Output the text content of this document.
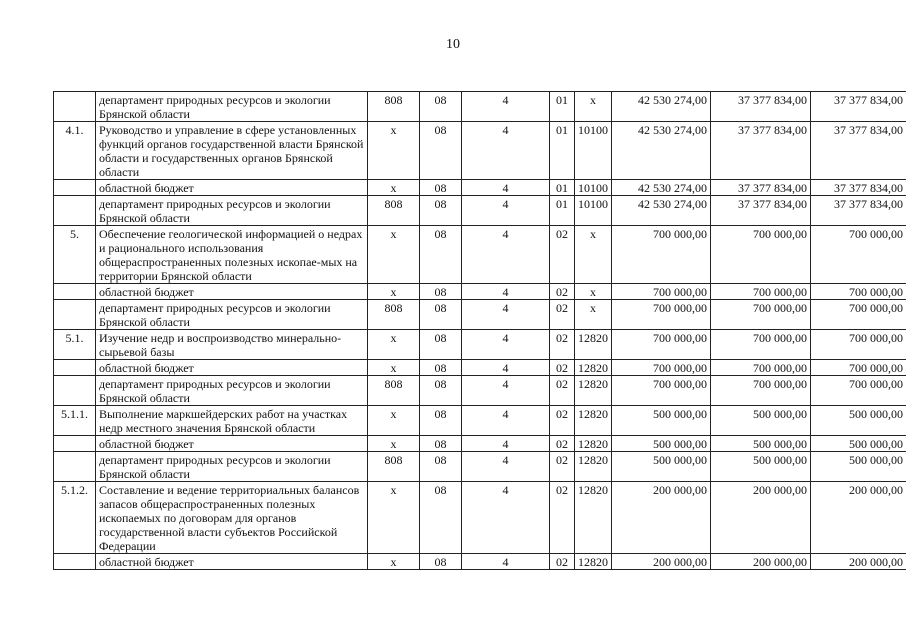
10
	департамент природных ресурсов и экологии Брянской области	808	08	4	01	x	42 530 274,00	37 377 834,00	37 377 834,00
4.1.	Руководство и управление в сфере установленных функций органов государственной власти Брянской области и государственных органов Брянской области	x	08	4	01	10100	42 530 274,00	37 377 834,00	37 377 834,00
	областной бюджет	x	08	4	01	10100	42 530 274,00	37 377 834,00	37 377 834,00
	департамент природных ресурсов и экологии Брянской области	808	08	4	01	10100	42 530 274,00	37 377 834,00	37 377 834,00
5.	Обеспечение геологической информацией о недрах и рационального использования общераспространенных полезных ископае-мых на территории Брянской области	x	08	4	02	x	700 000,00	700 000,00	700 000,00
	областной бюджет	x	08	4	02	x	700 000,00	700 000,00	700 000,00
	департамент природных ресурсов и экологии Брянской области	808	08	4	02	x	700 000,00	700 000,00	700 000,00
5.1.	Изучение недр и воспроизводство минерально-сырьевой базы	x	08	4	02	12820	700 000,00	700 000,00	700 000,00
	областной бюджет	x	08	4	02	12820	700 000,00	700 000,00	700 000,00
	департамент природных ресурсов и экологии Брянской области	808	08	4	02	12820	700 000,00	700 000,00	700 000,00
5.1.1.	Выполнение маркшейдерских работ на участках недр местного значения Брянской области	x	08	4	02	12820	500 000,00	500 000,00	500 000,00
	областной бюджет	x	08	4	02	12820	500 000,00	500 000,00	500 000,00
	департамент природных ресурсов и экологии Брянской области	808	08	4	02	12820	500 000,00	500 000,00	500 000,00
5.1.2.	Составление и ведение территориальных балансов запасов общераспространенных полезных ископаемых по договорам для органов государственной власти субъектов Российской Федерации	x	08	4	02	12820	200 000,00	200 000,00	200 000,00
	областной бюджет	x	08	4	02	12820	200 000,00	200 000,00	200 000,00
